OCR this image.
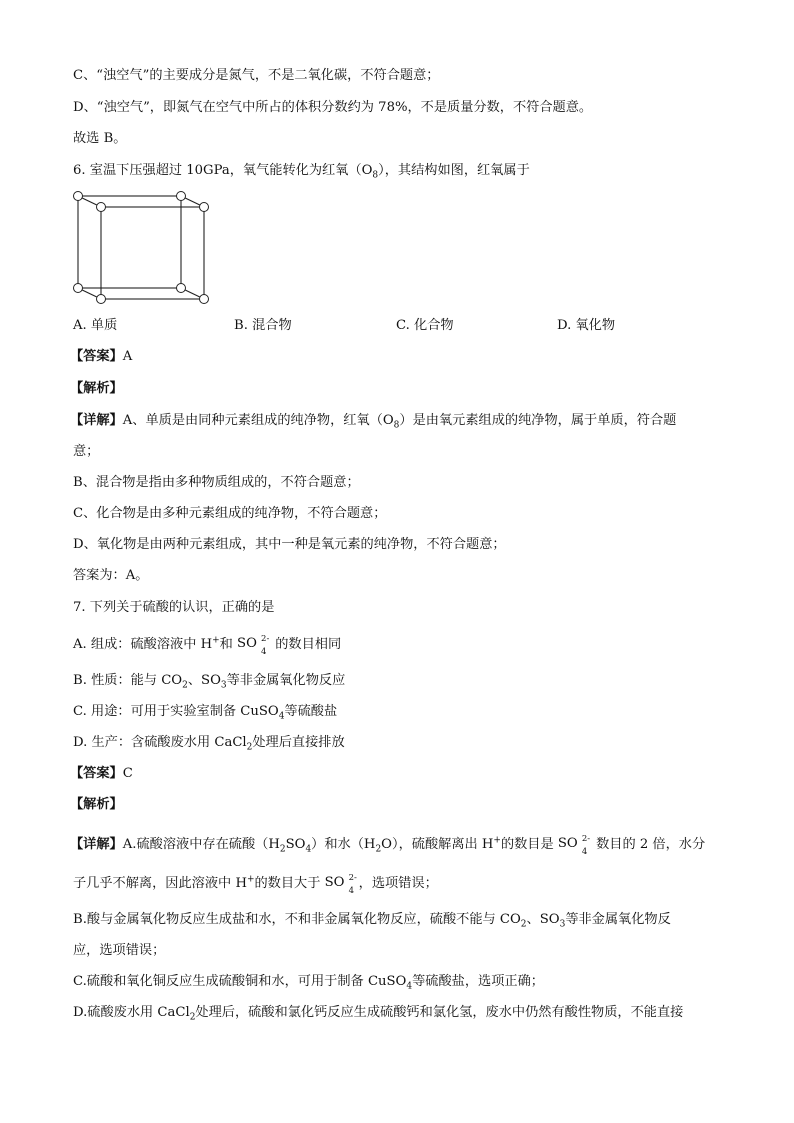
C、“浊空气”的主要成分是氮气，不是二氧化碳，不符合题意；
D、“浊空气”，即氮气在空气中所占的体积分数约为 78%，不是质量分数，不符合题意。
故选 B。
6. 室温下压强超过 10GPa，氧气能转化为红氧$(O_8)$，其结构如图，红氧属于
A. 单质	B. 混合物	C. 化合物	D. 氧化物
【答案】A
【解析】
【详解】A、单质是由同种元素组成的纯净物，红氧$(O_8)$是由氧元素组成的纯净物，属于单质，符合题
意；
B、混合物是指由多种物质组成的，不符合题意；
C、化合物是由多种元素组成的纯净物，不符合题意；
D、氧化物是由两种元素组成，其中一种是氧元素的纯净物，不符合题意；
答案为：A。
7. 下列关于硫酸的认识，正确的是
A. 组成：硫酸溶液中 H+和 SO 2-
4 的数目相同
B. 性质：能与 $CO_2$、$SO_3$等非金属氧化物反应
C. 用途：可用于实验室制备 CuSO$_4$等硫酸盐
D. 生产：含硫酸废水用 CaCl$_2$处理后直接排放
【答案】C
【解析】
【详解】A.硫酸溶液中存在硫酸$(H_2SO_4)$和水$(H_2O)$，硫酸解离出 H+的数目是 SO 2-
4 数目的 2 倍，水分
子几乎不解离，因此溶液中 H+的数目大于 SO 2-
4 ，选项错误；
B.酸与金属氧化物反应生成盐和水，不和非金属氧化物反应，硫酸不能与 $CO_2$、$SO_3$等非金属氧化物反
应，选项错误；
C.硫酸和氧化铜反应生成硫酸铜和水，可用于制备 CuSO$_4$等硫酸盐，选项正确；
D.硫酸废水用 CaCl$_2$处理后，硫酸和氯化钙反应生成硫酸钙和氯化氢，废水中仍然有酸性物质，不能直接
